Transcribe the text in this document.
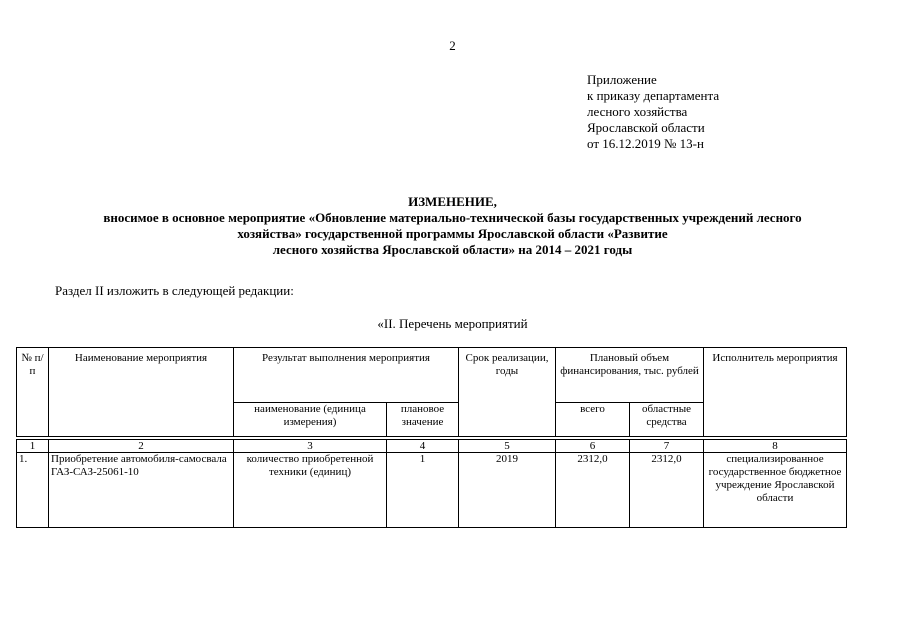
2
Приложение
к приказу департамента
лесного хозяйства
Ярославской области
от 16.12.2019 № 13-н
ИЗМЕНЕНИЕ,
вносимое в основное мероприятие «Обновление материально-технической базы государственных учреждений лесного
хозяйства» государственной программы Ярославской области «Развитие
лесного хозяйства Ярославской области» на 2014 – 2021 годы
Раздел II изложить в следующей редакции:
«II. Перечень мероприятий
№ п/п	Наименование мероприятия	Результат выполнения мероприятия		Срок реализации, годы	Плановый объем финансирования, тыс. рублей		Исполнитель мероприятия
		наименование (единица измерения)	плановое значение		всего	областные средства	

1	2	3	4	5	6	7	8
1.	Приобретение автомобиля-самосвала ГАЗ-САЗ-25061-10	количество приобретенной техники (единиц)	1	2019	2312,0	2312,0	специализированное государственное бюджетное учреждение Ярославской области
